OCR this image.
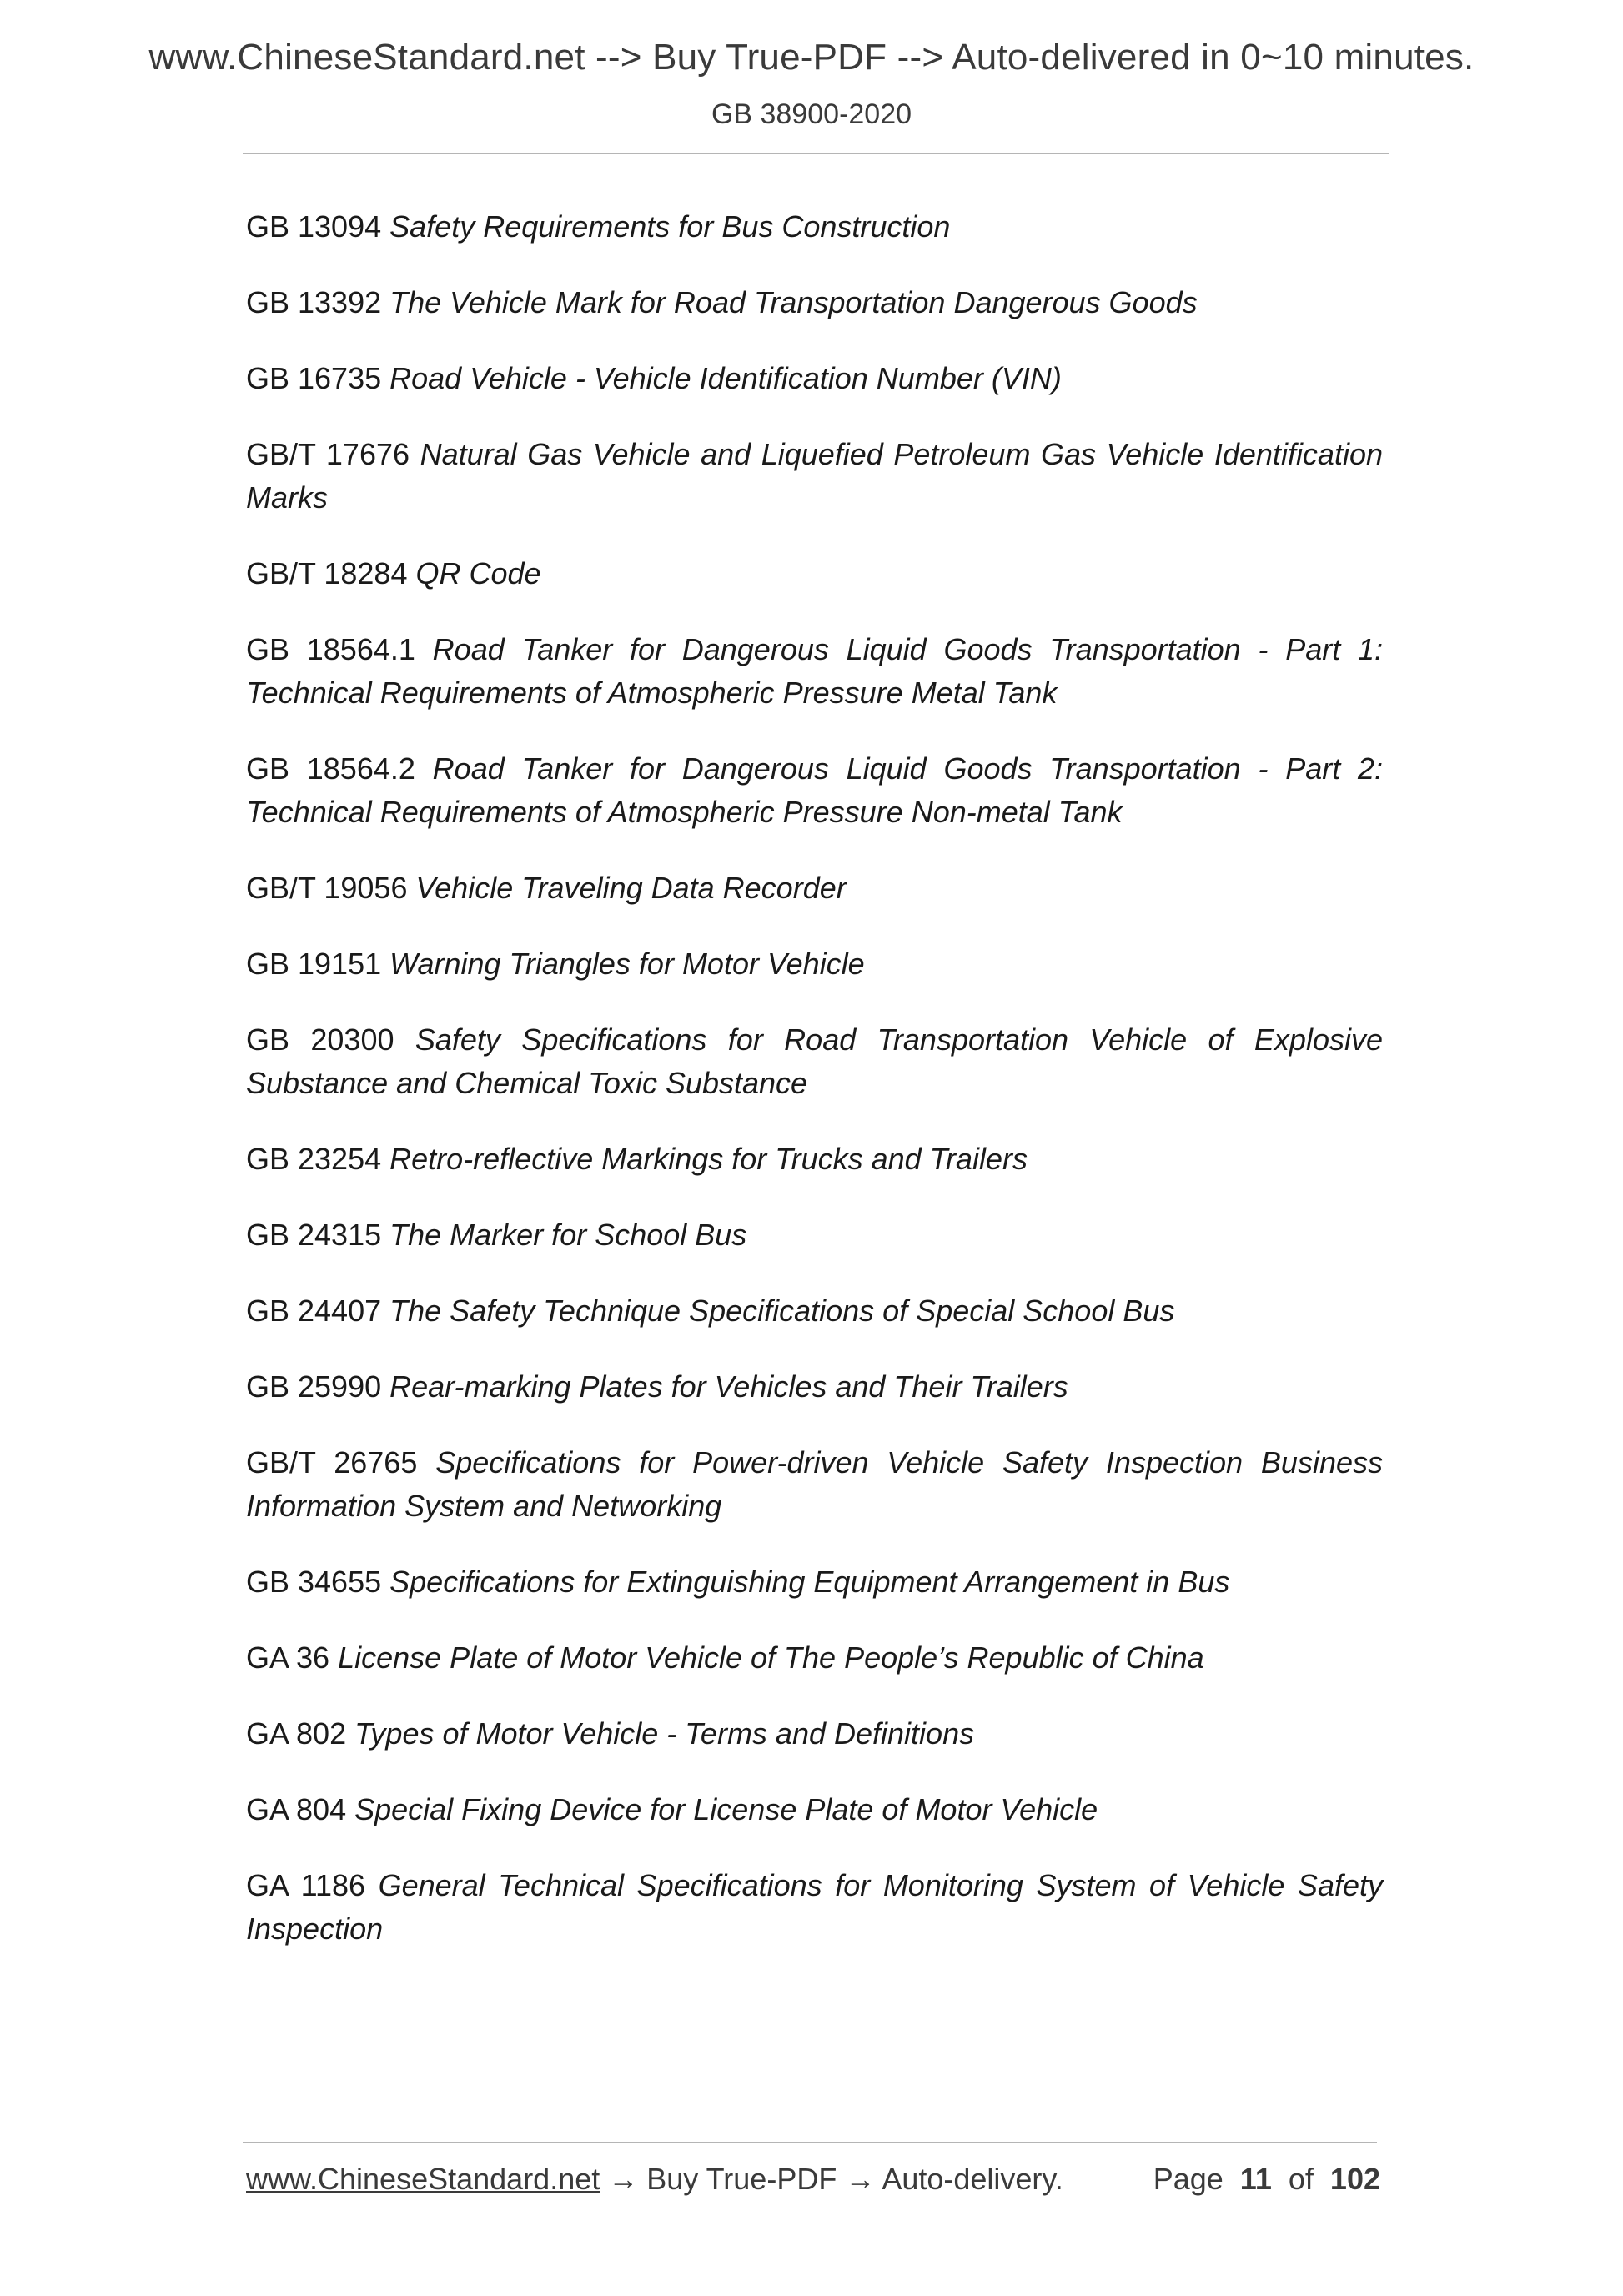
www.ChineseStandard.net --> Buy True-PDF --> Auto-delivered in 0~10 minutes.
GB 38900-2020
GB 13094 Safety Requirements for Bus Construction
GB 13392 The Vehicle Mark for Road Transportation Dangerous Goods
GB 16735 Road Vehicle - Vehicle Identification Number (VIN)
GB/T 17676 Natural Gas Vehicle and Liquefied Petroleum Gas Vehicle Identification Marks
GB/T 18284 QR Code
GB 18564.1 Road Tanker for Dangerous Liquid Goods Transportation - Part 1: Technical Requirements of Atmospheric Pressure Metal Tank
GB 18564.2 Road Tanker for Dangerous Liquid Goods Transportation - Part 2: Technical Requirements of Atmospheric Pressure Non-metal Tank
GB/T 19056 Vehicle Traveling Data Recorder
GB 19151 Warning Triangles for Motor Vehicle
GB 20300 Safety Specifications for Road Transportation Vehicle of Explosive Substance and Chemical Toxic Substance
GB 23254 Retro-reflective Markings for Trucks and Trailers
GB 24315 The Marker for School Bus
GB 24407 The Safety Technique Specifications of Special School Bus
GB 25990 Rear-marking Plates for Vehicles and Their Trailers
GB/T 26765 Specifications for Power-driven Vehicle Safety Inspection Business Information System and Networking
GB 34655 Specifications for Extinguishing Equipment Arrangement in Bus
GA 36 License Plate of Motor Vehicle of The People’s Republic of China
GA 802 Types of Motor Vehicle - Terms and Definitions
GA 804 Special Fixing Device for License Plate of Motor Vehicle
GA 1186 General Technical Specifications for Monitoring System of Vehicle Safety Inspection
www.ChineseStandard.net → Buy True-PDF → Auto-delivery.	Page 11 of 102
